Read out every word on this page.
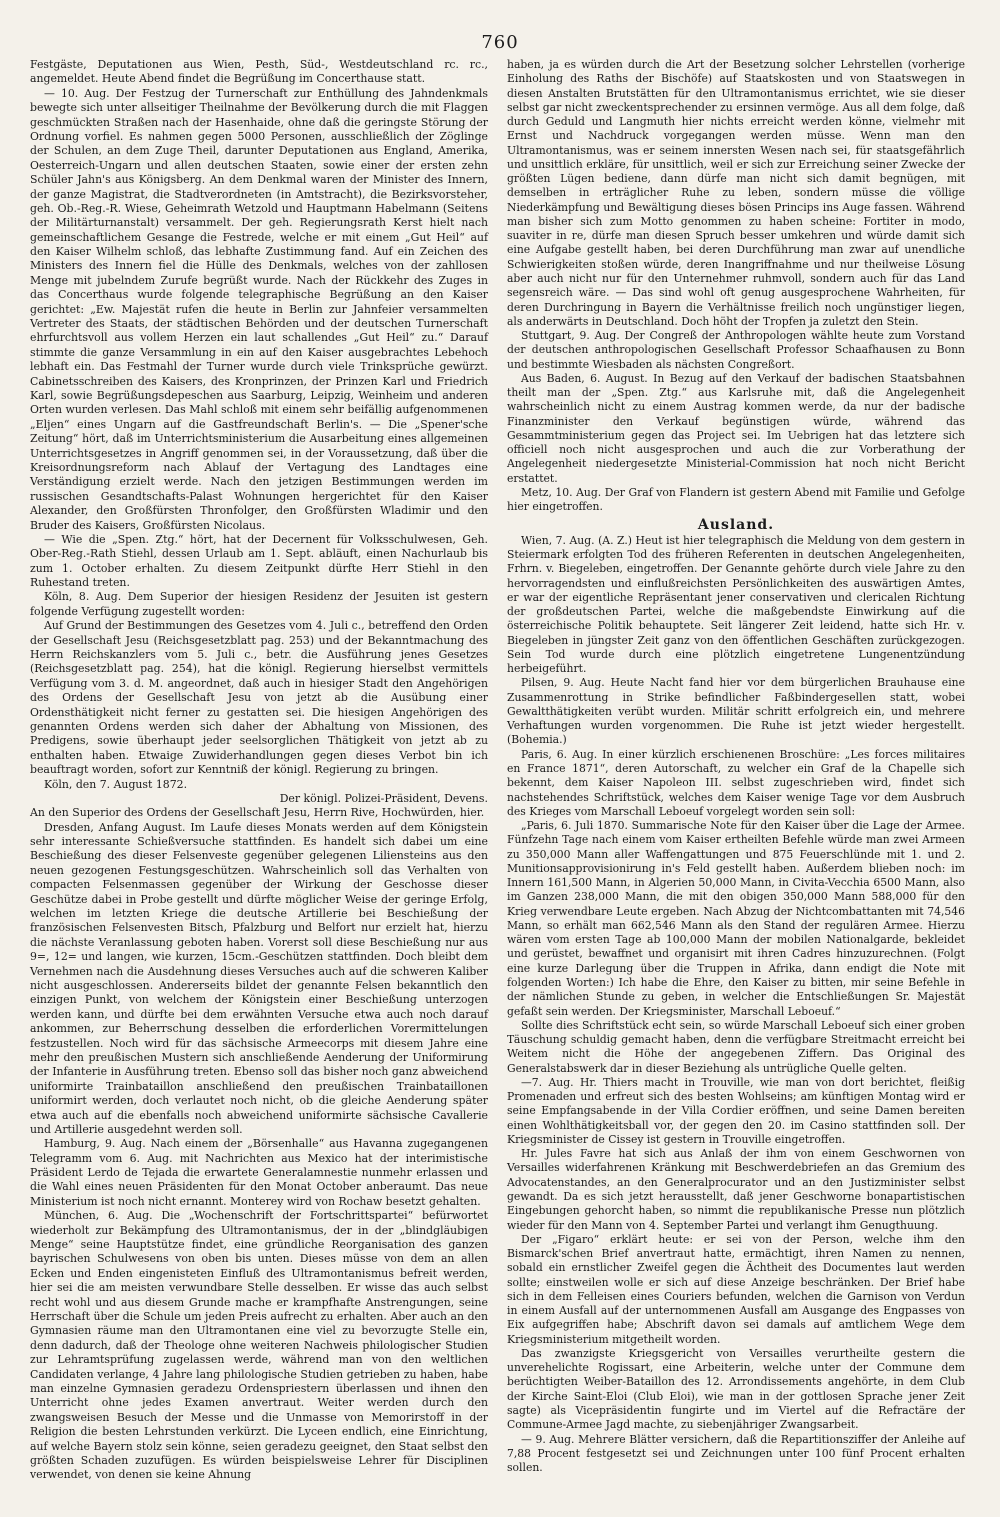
760

Festgäste, Deputationen aus Wien, Pesth, Süd-, Westdeutschland rc. rc., angemeldet. Heute Abend findet die Begrüßung im Concerthause statt.

— 10. Aug. Der Festzug der Turnerschaft zur Enthüllung des Jahndenkmals bewegte sich unter allseitiger Theilnahme der Bevölkerung durch die mit Flaggen geschmückten Straßen nach der Hasenhaide, ohne daß die geringste Störung der Ordnung vorfiel. Es nahmen gegen 5000 Personen, ausschließlich der Zöglinge der Schulen, an dem Zuge Theil, darunter Deputationen aus England, Amerika, Oesterreich-Ungarn und allen deutschen Staaten, sowie einer der ersten zehn Schüler Jahn's aus Königsberg. An dem Denkmal waren der Minister des Innern, der ganze Magistrat, die Stadtverordneten (in Amtstracht), die Bezirksvorsteher, geh. Ob.-Reg.-R. Wiese, Geheimrath Wetzold und Hauptmann Habelmann (Seitens der Militärturnanstalt) versammelt. Der geh. Regierungsrath Kerst hielt nach gemeinschaftlichem Gesange die Festrede, welche er mit einem „Gut Heil“ auf den Kaiser Wilhelm schloß, das lebhafte Zustimmung fand. Auf ein Zeichen des Ministers des Innern fiel die Hülle des Denkmals, welches von der zahllosen Menge mit jubelndem Zurufe begrüßt wurde. Nach der Rückkehr des Zuges in das Concerthaus wurde folgende telegraphische Begrüßung an den Kaiser gerichtet: „Ew. Majestät rufen die heute in Berlin zur Jahnfeier versammelten Vertreter des Staats, der städtischen Behörden und der deutschen Turnerschaft ehrfurchtsvoll aus vollem Herzen ein laut schallendes „Gut Heil“ zu.“ Darauf stimmte die ganze Versammlung in ein auf den Kaiser ausgebrachtes Lebehoch lebhaft ein. Das Festmahl der Turner wurde durch viele Trinksprüche gewürzt. Cabinetsschreiben des Kaisers, des Kronprinzen, der Prinzen Karl und Friedrich Karl, sowie Begrüßungsdepeschen aus Saarburg, Leipzig, Weinheim und anderen Orten wurden verlesen. Das Mahl schloß mit einem sehr beifällig aufgenommenen „Eljen“ eines Ungarn auf die Gastfreundschaft Berlin's. — Die „Spener'sche Zeitung“ hört, daß im Unterrichtsministerium die Ausarbeitung eines allgemeinen Unterrichtsgesetzes in Angriff genommen sei, in der Voraussetzung, daß über die Kreisordnungsreform nach Ablauf der Vertagung des Landtages eine Verständigung erzielt werde. Nach den jetzigen Bestimmungen werden im russischen Gesandtschafts-Palast Wohnungen hergerichtet für den Kaiser Alexander, den Großfürsten Thronfolger, den Großfürsten Wladimir und den Bruder des Kaisers, Großfürsten Nicolaus.

— Wie die „Spen. Ztg.“ hört, hat der Decernent für Volksschulwesen, Geh. Ober-Reg.-Rath Stiehl, dessen Urlaub am 1. Sept. abläuft, einen Nachurlaub bis zum 1. October erhalten. Zu diesem Zeitpunkt dürfte Herr Stiehl in den Ruhestand treten.

Köln, 8. Aug. Dem Superior der hiesigen Residenz der Jesuiten ist gestern folgende Verfügung zugestellt worden:

Auf Grund der Bestimmungen des Gesetzes vom 4. Juli c., betreffend den Orden der Gesellschaft Jesu (Reichsgesetzblatt pag. 253) und der Bekanntmachung des Herrn Reichskanzlers vom 5. Juli c., betr. die Ausführung jenes Gesetzes (Reichsgesetzblatt pag. 254), hat die königl. Regierung hierselbst vermittels Verfügung vom 3. d. M. angeordnet, daß auch in hiesiger Stadt den Angehörigen des Ordens der Gesellschaft Jesu von jetzt ab die Ausübung einer Ordensthätigkeit nicht ferner zu gestatten sei. Die hiesigen Angehörigen des genannten Ordens werden sich daher der Abhaltung von Missionen, des Predigens, sowie überhaupt jeder seelsorglichen Thätigkeit von jetzt ab zu enthalten haben. Etwaige Zuwiderhandlungen gegen dieses Verbot bin ich beauftragt worden, sofort zur Kenntniß der königl. Regierung zu bringen.

Köln, den 7. August 1872.

Der königl. Polizei-Präsident, Devens.

An den Superior des Ordens der Gesellschaft Jesu, Herrn Rive, Hochwürden, hier.

Dresden, Anfang August. Im Laufe dieses Monats werden auf dem Königstein sehr interessante Schießversuche stattfinden. Es handelt sich dabei um eine Beschießung des dieser Felsenveste gegenüber gelegenen Liliensteins aus den neuen gezogenen Festungsgeschützen. Wahrscheinlich soll das Verhalten von compacten Felsenmassen gegenüber der Wirkung der Geschosse dieser Geschütze dabei in Probe gestellt und dürfte möglicher Weise der geringe Erfolg, welchen im letzten Kriege die deutsche Artillerie bei Beschießung der französischen Felsenvesten Bitsch, Pfalzburg und Belfort nur erzielt hat, hierzu die nächste Veranlassung geboten haben. Vorerst soll diese Beschießung nur aus 9=, 12= und langen, wie kurzen, 15cm.-Geschützen stattfinden. Doch bleibt dem Vernehmen nach die Ausdehnung dieses Versuches auch auf die schweren Kaliber nicht ausgeschlossen. Andererseits bildet der genannte Felsen bekanntlich den einzigen Punkt, von welchem der Königstein einer Beschießung unterzogen werden kann, und dürfte bei dem erwähnten Versuche etwa auch noch darauf ankommen, zur Beherrschung desselben die erforderlichen Vorermittelungen festzustellen. Noch wird für das sächsische Armeecorps mit diesem Jahre eine mehr den preußischen Mustern sich anschließende Aenderung der Uniformirung der Infanterie in Ausführung treten. Ebenso soll das bisher noch ganz abweichend uniformirte Trainbataillon anschließend den preußischen Trainbataillonen uniformirt werden, doch verlautet noch nicht, ob die gleiche Aenderung später etwa auch auf die ebenfalls noch abweichend uniformirte sächsische Cavallerie und Artillerie ausgedehnt werden soll.

Hamburg, 9. Aug. Nach einem der „Börsenhalle“ aus Havanna zugegangenen Telegramm vom 6. Aug. mit Nachrichten aus Mexico hat der interimistische Präsident Lerdo de Tejada die erwartete Generalamnestie nunmehr erlassen und die Wahl eines neuen Präsidenten für den Monat October anberaumt. Das neue Ministerium ist noch nicht ernannt. Monterey wird von Rochaw besetzt gehalten.

München, 6. Aug. Die „Wochenschrift der Fortschrittspartei“ befürwortet wiederholt zur Bekämpfung des Ultramontanismus, der in der „blindgläubigen Menge“ seine Hauptstütze findet, eine gründliche Reorganisation des ganzen bayrischen Schulwesens von oben bis unten. Dieses müsse von dem an allen Ecken und Enden eingenisteten Einfluß des Ultramontanismus befreit werden, hier sei die am meisten verwundbare Stelle desselben. Er wisse das auch selbst recht wohl und aus diesem Grunde mache er krampfhafte Anstrengungen, seine Herrschaft über die Schule um jeden Preis aufrecht zu erhalten. Aber auch an den Gymnasien räume man den Ultramontanen eine viel zu bevorzugte Stelle ein, denn dadurch, daß der Theologe ohne weiteren Nachweis philologischer Studien zur Lehramtsprüfung zugelassen werde, während man von den weltlichen Candidaten verlange, 4 Jahre lang philologische Studien getrieben zu haben, habe man einzelne Gymnasien geradezu Ordenspriestern überlassen und ihnen den Unterricht ohne jedes Examen anvertraut. Weiter werden durch den zwangsweisen Besuch der Messe und die Unmasse von Memorirstoff in der Religion die besten Lehrstunden verkürzt. Die Lyceen endlich, eine Einrichtung, auf welche Bayern stolz sein könne, seien geradezu geeignet, den Staat selbst den größten Schaden zuzufügen. Es würden beispielsweise Lehrer für Disciplinen verwendet, von denen sie keine Ahnung

haben, ja es würden durch die Art der Besetzung solcher Lehrstellen (vorherige Einholung des Raths der Bischöfe) auf Staatskosten und von Staatswegen in diesen Anstalten Brutstätten für den Ultramontanismus errichtet, wie sie dieser selbst gar nicht zweckentsprechender zu ersinnen vermöge. Aus all dem folge, daß durch Geduld und Langmuth hier nichts erreicht werden könne, vielmehr mit Ernst und Nachdruck vorgegangen werden müsse. Wenn man den Ultramontanismus, was er seinem innersten Wesen nach sei, für staatsgefährlich und unsittlich erkläre, für unsittlich, weil er sich zur Erreichung seiner Zwecke der größten Lügen bediene, dann dürfe man nicht sich damit begnügen, mit demselben in erträglicher Ruhe zu leben, sondern müsse die völlige Niederkämpfung und Bewältigung dieses bösen Princips ins Auge fassen. Während man bisher sich zum Motto genommen zu haben scheine: Fortiter in modo, suaviter in re, dürfe man diesen Spruch besser umkehren und würde damit sich eine Aufgabe gestellt haben, bei deren Durchführung man zwar auf unendliche Schwierigkeiten stoßen würde, deren Inangriffnahme und nur theilweise Lösung aber auch nicht nur für den Unternehmer ruhmvoll, sondern auch für das Land segensreich wäre. — Das sind wohl oft genug ausgesprochene Wahrheiten, für deren Durchringung in Bayern die Verhältnisse freilich noch ungünstiger liegen, als anderwärts in Deutschland. Doch höht der Tropfen ja zuletzt den Stein.

Stuttgart, 9. Aug. Der Congreß der Anthropologen wählte heute zum Vorstand der deutschen anthropologischen Gesellschaft Professor Schaafhausen zu Bonn und bestimmte Wiesbaden als nächsten Congreßort.

Aus Baden, 6. August. In Bezug auf den Verkauf der badischen Staatsbahnen theilt man der „Spen. Ztg.“ aus Karlsruhe mit, daß die Angelegenheit wahrscheinlich nicht zu einem Austrag kommen werde, da nur der badische Finanzminister den Verkauf begünstigen würde, während das Gesammtministerium gegen das Project sei. Im Uebrigen hat das letztere sich officiell noch nicht ausgesprochen und auch die zur Vorberathung der Angelegenheit niedergesetzte Ministerial-Commission hat noch nicht Bericht erstattet.

Metz, 10. Aug. Der Graf von Flandern ist gestern Abend mit Familie und Gefolge hier eingetroffen.

Ausland.

Wien, 7. Aug. (A. Z.) Heut ist hier telegraphisch die Meldung von dem gestern in Steiermark erfolgten Tod des früheren Referenten in deutschen Angelegenheiten, Frhrn. v. Biegeleben, eingetroffen. Der Genannte gehörte durch viele Jahre zu den hervorragendsten und einflußreichsten Persönlichkeiten des auswärtigen Amtes, er war der eigentliche Repräsentant jener conservativen und clericalen Richtung der großdeutschen Partei, welche die maßgebendste Einwirkung auf die österreichische Politik behauptete. Seit längerer Zeit leidend, hatte sich Hr. v. Biegeleben in jüngster Zeit ganz von den öffentlichen Geschäften zurückgezogen. Sein Tod wurde durch eine plötzlich eingetretene Lungenentzündung herbeigeführt.

Pilsen, 9. Aug. Heute Nacht fand hier vor dem bürgerlichen Brauhause eine Zusammenrottung in Strike befindlicher Faßbindergesellen statt, wobei Gewaltthätigkeiten verübt wurden. Militär schritt erfolgreich ein, und mehrere Verhaftungen wurden vorgenommen. Die Ruhe ist jetzt wieder hergestellt. (Bohemia.)

Paris, 6. Aug. In einer kürzlich erschienenen Broschüre: „Les forces militaires en France 1871“, deren Autorschaft, zu welcher ein Graf de la Chapelle sich bekennt, dem Kaiser Napoleon III. selbst zugeschrieben wird, findet sich nachstehendes Schriftstück, welches dem Kaiser wenige Tage vor dem Ausbruch des Krieges vom Marschall Leboeuf vorgelegt worden sein soll:

„Paris, 6. Juli 1870. Summarische Note für den Kaiser über die Lage der Armee. Fünfzehn Tage nach einem vom Kaiser ertheilten Befehle würde man zwei Armeen zu 350,000 Mann aller Waffengattungen und 875 Feuerschlünde mit 1. und 2. Munitionsapprovisionirung in's Feld gestellt haben. Außerdem blieben noch: im Innern 161,500 Mann, in Algerien 50,000 Mann, in Civita-Vecchia 6500 Mann, also im Ganzen 238,000 Mann, die mit den obigen 350,000 Mann 588,000 für den Krieg verwendbare Leute ergeben. Nach Abzug der Nichtcombattanten mit 74,546 Mann, so erhält man 662,546 Mann als den Stand der regulären Armee. Hierzu wären vom ersten Tage ab 100,000 Mann der mobilen Nationalgarde, bekleidet und gerüstet, bewaffnet und organisirt mit ihren Cadres hinzuzurechnen. (Folgt eine kurze Darlegung über die Truppen in Afrika, dann endigt die Note mit folgenden Worten:) Ich habe die Ehre, den Kaiser zu bitten, mir seine Befehle in der nämlichen Stunde zu geben, in welcher die Entschließungen Sr. Majestät gefaßt sein werden. Der Kriegsminister, Marschall Leboeuf.“

Sollte dies Schriftstück echt sein, so würde Marschall Leboeuf sich einer groben Täuschung schuldig gemacht haben, denn die verfügbare Streitmacht erreicht bei Weitem nicht die Höhe der angegebenen Ziffern. Das Original des Generalstabswerk dar in dieser Beziehung als untrügliche Quelle gelten.

—7. Aug. Hr. Thiers macht in Trouville, wie man von dort berichtet, fleißig Promenaden und erfreut sich des besten Wohlseins; am künftigen Montag wird er seine Empfangsabende in der Villa Cordier eröffnen, und seine Damen bereiten einen Wohlthätigkeitsball vor, der gegen den 20. im Casino stattfinden soll. Der Kriegsminister de Cissey ist gestern in Trouville eingetroffen.

Hr. Jules Favre hat sich aus Anlaß der ihm von einem Geschwornen von Versailles widerfahrenen Kränkung mit Beschwerdebriefen an das Gremium des Advocatenstandes, an den Generalprocurator und an den Justizminister selbst gewandt. Da es sich jetzt herausstellt, daß jener Geschworne bonapartistischen Eingebungen gehorcht haben, so nimmt die republikanische Presse nun plötzlich wieder für den Mann von 4. September Partei und verlangt ihm Genugthuung.

Der „Figaro“ erklärt heute: er sei von der Person, welche ihm den Bismarck'schen Brief anvertraut hatte, ermächtigt, ihren Namen zu nennen, sobald ein ernstlicher Zweifel gegen die Ächtheit des Documentes laut werden sollte; einstweilen wolle er sich auf diese Anzeige beschränken. Der Brief habe sich in dem Felleisen eines Couriers befunden, welchen die Garnison von Verdun in einem Ausfall auf der unternommenen Ausfall am Ausgange des Engpasses von Eix aufgegriffen habe; Abschrift davon sei damals auf amtlichem Wege dem Kriegsministerium mitgetheilt worden.

Das zwanzigste Kriegsgericht von Versailles verurtheilte gestern die unverehelichte Rogissart, eine Arbeiterin, welche unter der Commune dem berüchtigten Weiber-Bataillon des 12. Arrondissements angehörte, in dem Club der Kirche Saint-Eloi (Club Eloi), wie man in der gottlosen Sprache jener Zeit sagte) als Vicepräsidentin fungirte und im Viertel auf die Refractäre der Commune-Armee Jagd machte, zu siebenjähriger Zwangsarbeit.

— 9. Aug. Mehrere Blätter versichern, daß die Repartitionsziffer der Anleihe auf 7,88 Procent festgesetzt sei und Zeichnungen unter 100 fünf Procent erhalten sollen.
